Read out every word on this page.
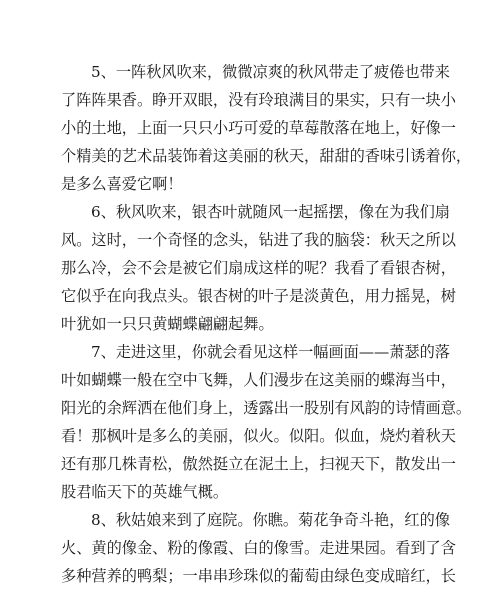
5、一阵秋风吹来，微微凉爽的秋风带走了疲倦也带来
了阵阵果香。睁开双眼，没有玲琅满目的果实，只有一块小
小的土地，上面一只只小巧可爱的草莓散落在地上，好像一
个精美的艺术品装饰着这美丽的秋天，甜甜的香味引诱着你，
是多么喜爱它啊！
6、秋风吹来，银杏叶就随风一起摇摆，像在为我们扇
风。这时，一个奇怪的念头，钻进了我的脑袋：秋天之所以
那么冷，会不会是被它们扇成这样的呢？我看了看银杏树，
它似乎在向我点头。银杏树的叶子是淡黄色，用力摇晃，树
叶犹如一只只黄蝴蝶翩翩起舞。
7、走进这里，你就会看见这样一幅画面——萧瑟的落
叶如蝴蝶一般在空中飞舞，人们漫步在这美丽的蝶海当中，
阳光的余辉洒在他们身上，透露出一股别有风韵的诗情画意。
看！那枫叶是多么的美丽，似火。似阳。似血，烧灼着秋天
还有那几株青松，傲然挺立在泥土上，扫视天下，散发出一
股君临天下的英雄气概。
8、秋姑娘来到了庭院。你瞧。菊花争奇斗艳，红的像
火、黄的像金、粉的像霞、白的像雪。走进果园。看到了含
多种营养的鸭梨；一串串珍珠似的葡萄由绿色变成暗红，长
